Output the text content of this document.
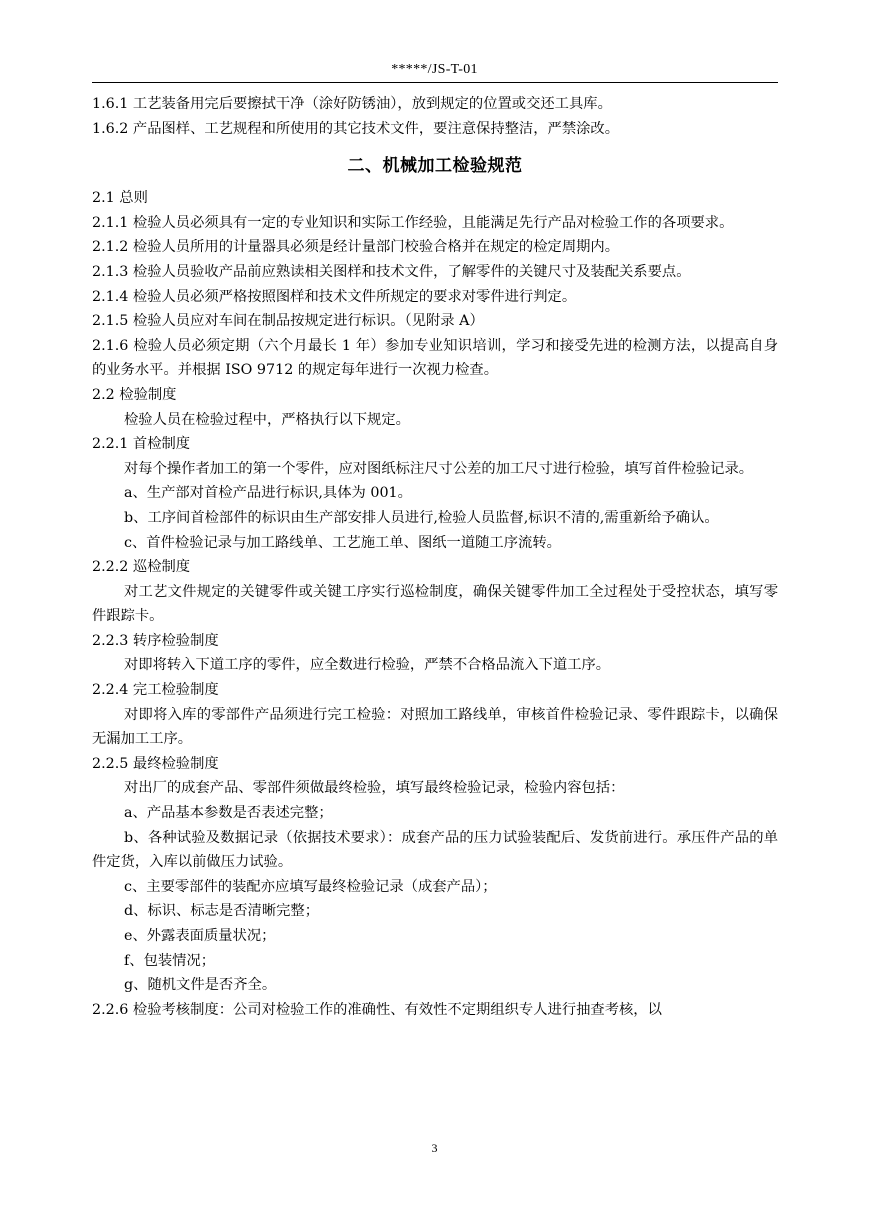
*****/JS-T-01

1.6.1 工艺装备用完后要擦拭干净（涂好防锈油），放到规定的位置或交还工具库。

1.6.2 产品图样、工艺规程和所使用的其它技术文件，要注意保持整洁，严禁涂改。

二、机械加工检验规范

2.1 总则

2.1.1 检验人员必须具有一定的专业知识和实际工作经验，且能满足先行产品对检验工作的各项要求。

2.1.2 检验人员所用的计量器具必须是经计量部门校验合格并在规定的检定周期内。

2.1.3 检验人员验收产品前应熟读相关图样和技术文件，了解零件的关键尺寸及装配关系要点。

2.1.4 检验人员必须严格按照图样和技术文件所规定的要求对零件进行判定。

2.1.5 检验人员应对车间在制品按规定进行标识。（见附录 A）

2.1.6 检验人员必须定期（六个月最长 1 年）参加专业知识培训，学习和接受先进的检测方法，以提高自身的业务水平。并根据 ISO 9712 的规定每年进行一次视力检查。

2.2 检验制度

检验人员在检验过程中，严格执行以下规定。

2.2.1 首检制度

对每个操作者加工的第一个零件，应对图纸标注尺寸公差的加工尺寸进行检验，填写首件检验记录。

a、生产部对首检产品进行标识,具体为 001。

b、工序间首检部件的标识由生产部安排人员进行,检验人员监督,标识不清的,需重新给予确认。

c、首件检验记录与加工路线单、工艺施工单、图纸一道随工序流转。

2.2.2 巡检制度

对工艺文件规定的关键零件或关键工序实行巡检制度，确保关键零件加工全过程处于受控状态，填写零件跟踪卡。

2.2.3 转序检验制度

对即将转入下道工序的零件，应全数进行检验，严禁不合格品流入下道工序。

2.2.4 完工检验制度

对即将入库的零部件产品须进行完工检验：对照加工路线单，审核首件检验记录、零件跟踪卡，以确保无漏加工工序。

2.2.5 最终检验制度

对出厂的成套产品、零部件须做最终检验，填写最终检验记录，检验内容包括：

a、产品基本参数是否表述完整；

b、各种试验及数据记录（依据技术要求）：成套产品的压力试验装配后、发货前进行。承压件产品的单件定货，入库以前做压力试验。

c、主要零部件的装配亦应填写最终检验记录（成套产品）；

d、标识、标志是否清晰完整；

e、外露表面质量状况；

f、包装情况；

g、随机文件是否齐全。

2.2.6 检验考核制度：公司对检验工作的准确性、有效性不定期组织专人进行抽查考核，以

3
